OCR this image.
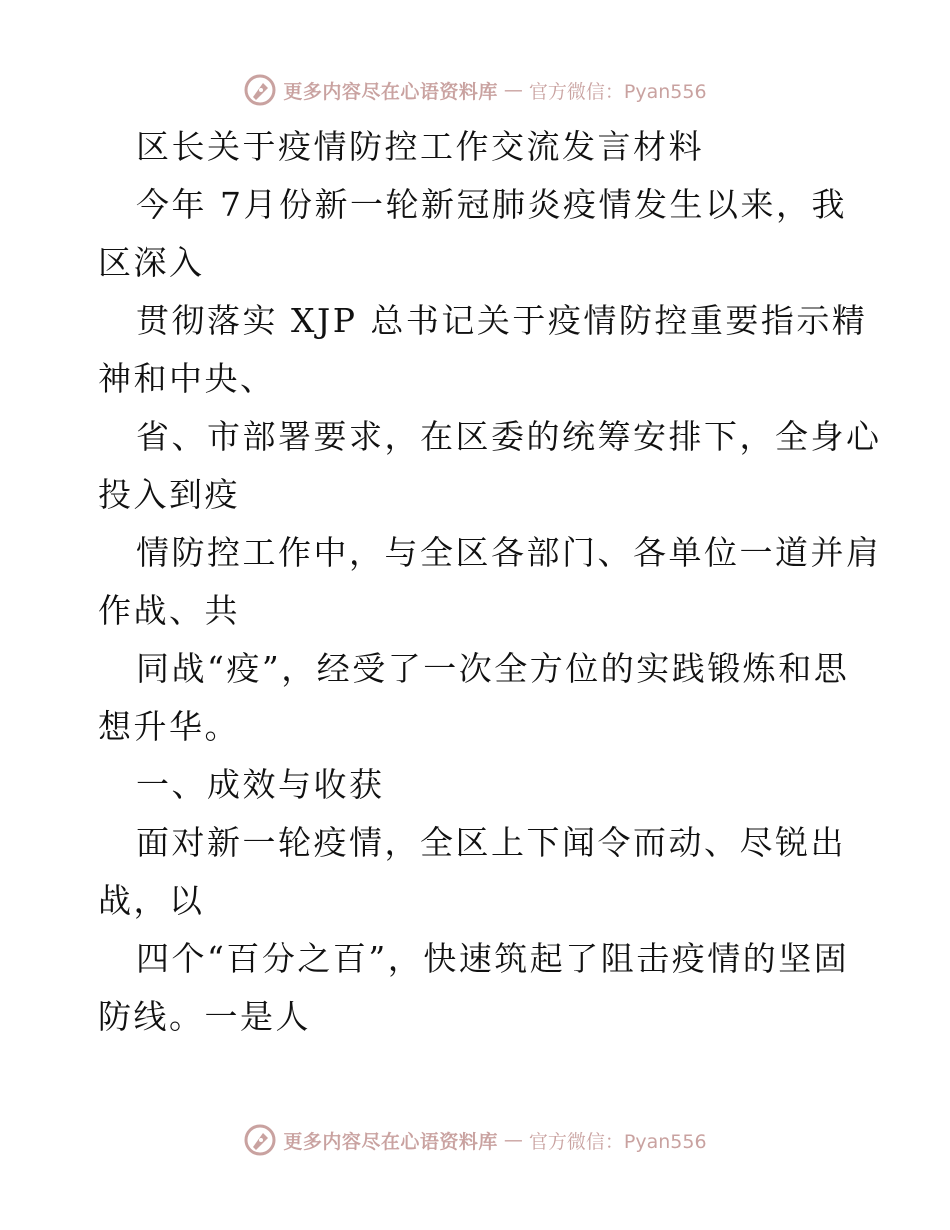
更多内容尽在心语资料库 — 官方微信：Pyan556
区长关于疫情防控工作交流发言材料
今年 7月份新一轮新冠肺炎疫情发生以来，我
区深入
贯彻落实 XJP 总书记关于疫情防控重要指示精
神和中央、
省、市部署要求，在区委的统筹安排下，全身心
投入到疫
情防控工作中，与全区各部门、各单位一道并肩
作战、共
同战“疫”，经受了一次全方位的实践锻炼和思
想升华。
一、成效与收获
面对新一轮疫情，全区上下闻令而动、尽锐出
战，以
四个“百分之百”，快速筑起了阻击疫情的坚固
防线。一是人
更多内容尽在心语资料库 — 官方微信：Pyan556
